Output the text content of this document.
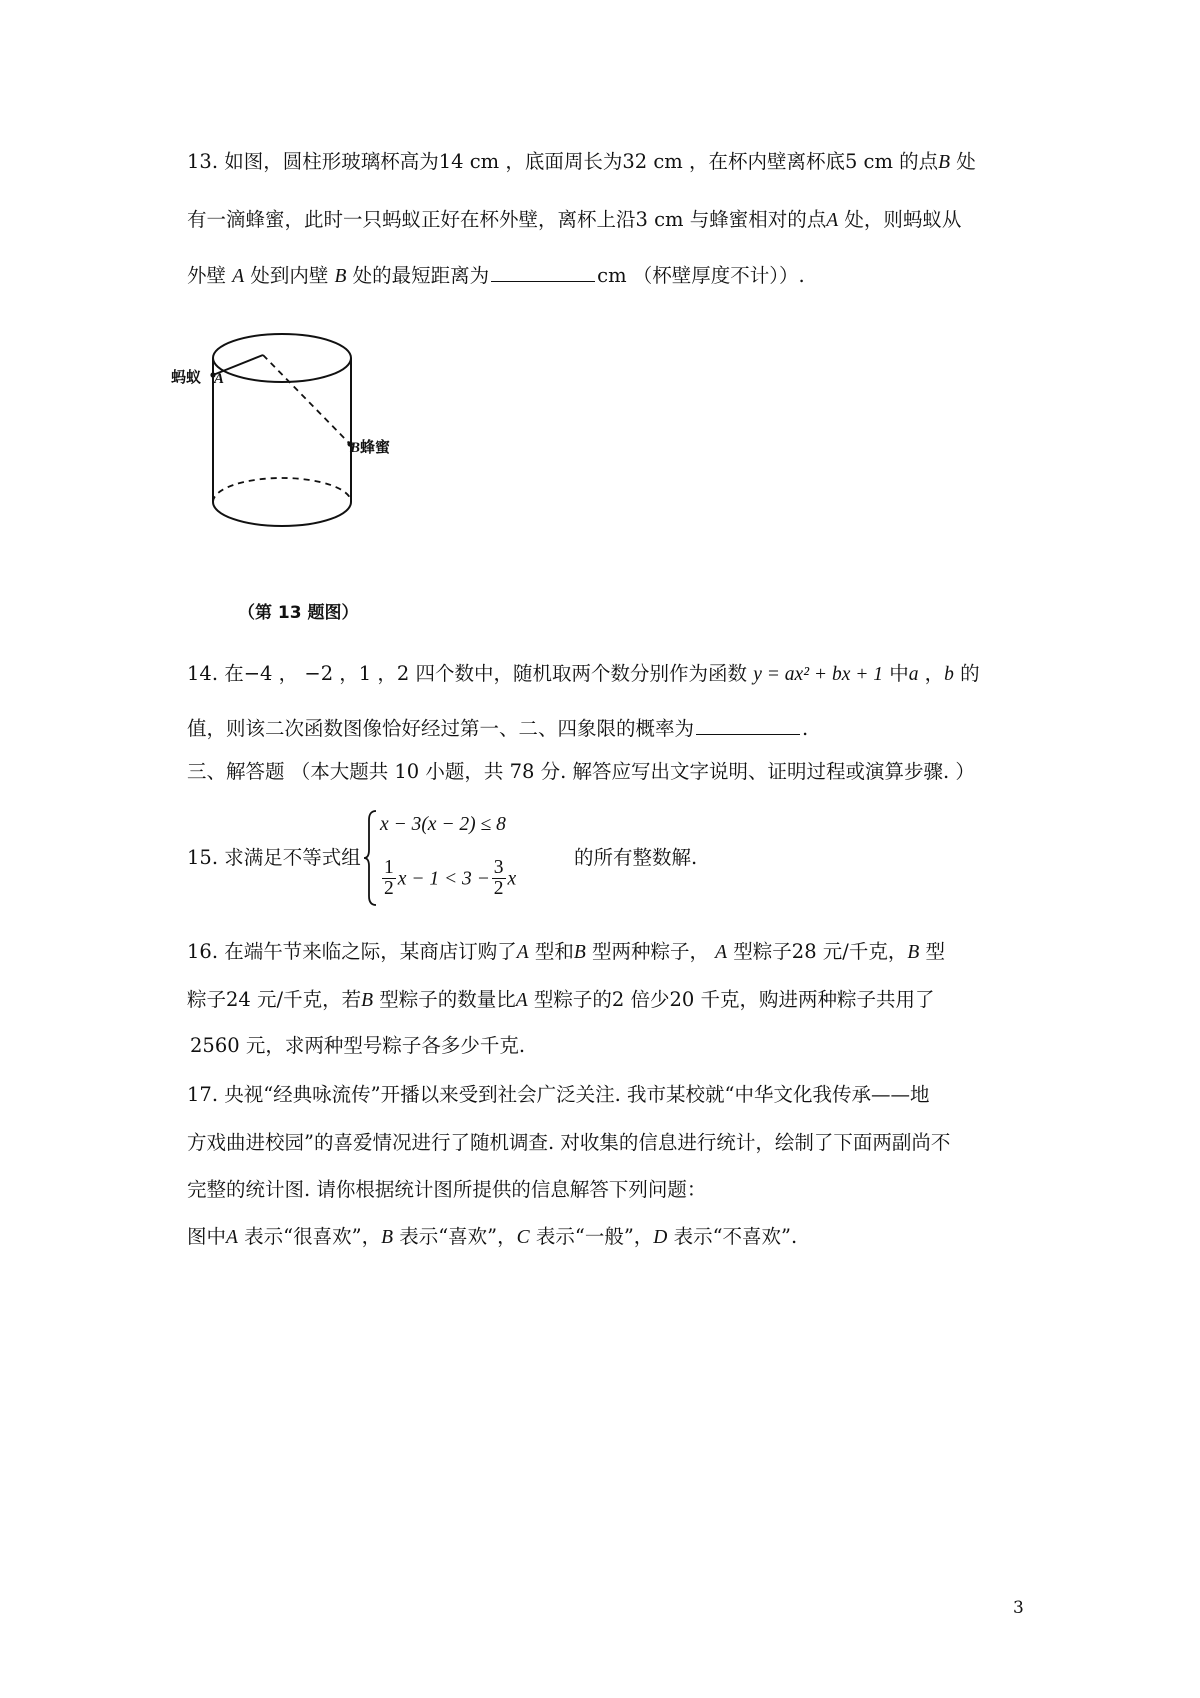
13. 如图，圆柱形玻璃杯高为14 cm ，底面周长为32 cm ，在杯内壁离杯底5 cm 的点B 处
有一滴蜂蜜，此时一只蚂蚁正好在杯外壁，离杯上沿3 cm 与蜂蜜相对的点A 处，则蚂蚁从
外壁 A 处到内壁 B 处的最短距离为	cm （杯壁厚度不计））.
蚂蚁 A
B蜂蜜
（第 13 题图）
14. 在−4 ， −2 ，1 ，2 四个数中，随机取两个数分别作为函数 y = ax² + bx + 1 中a ，b 的
值，则该二次函数图像恰好经过第一、二、四象限的概率为	.
三、解答题 （本大题共 10 小题，共 78 分. 解答应写出文字说明、证明过程或演算步骤. ）
15. 求满足不等式组
x − 3(x − 2) ≤ 8
$\frac{1}{2}$ $x - 1 < 3 - \frac{3}{2}$ x
的所有整数解.
16. 在端午节来临之际，某商店订购了A 型和B 型两种粽子， A 型粽子28 元/千克，B 型
粽子24 元/千克，若B 型粽子的数量比A 型粽子的2 倍少20 千克，购进两种粽子共用了
2560 元，求两种型号粽子各多少千克.
17. 央视“经典咏流传”开播以来受到社会广泛关注. 我市某校就“中华文化我传承——地
方戏曲进校园”的喜爱情况进行了随机调查. 对收集的信息进行统计，绘制了下面两副尚不
完整的统计图. 请你根据统计图所提供的信息解答下列问题：
图中A 表示“很喜欢”，B 表示“喜欢”，C 表示“一般”，D 表示“不喜欢”.
3
